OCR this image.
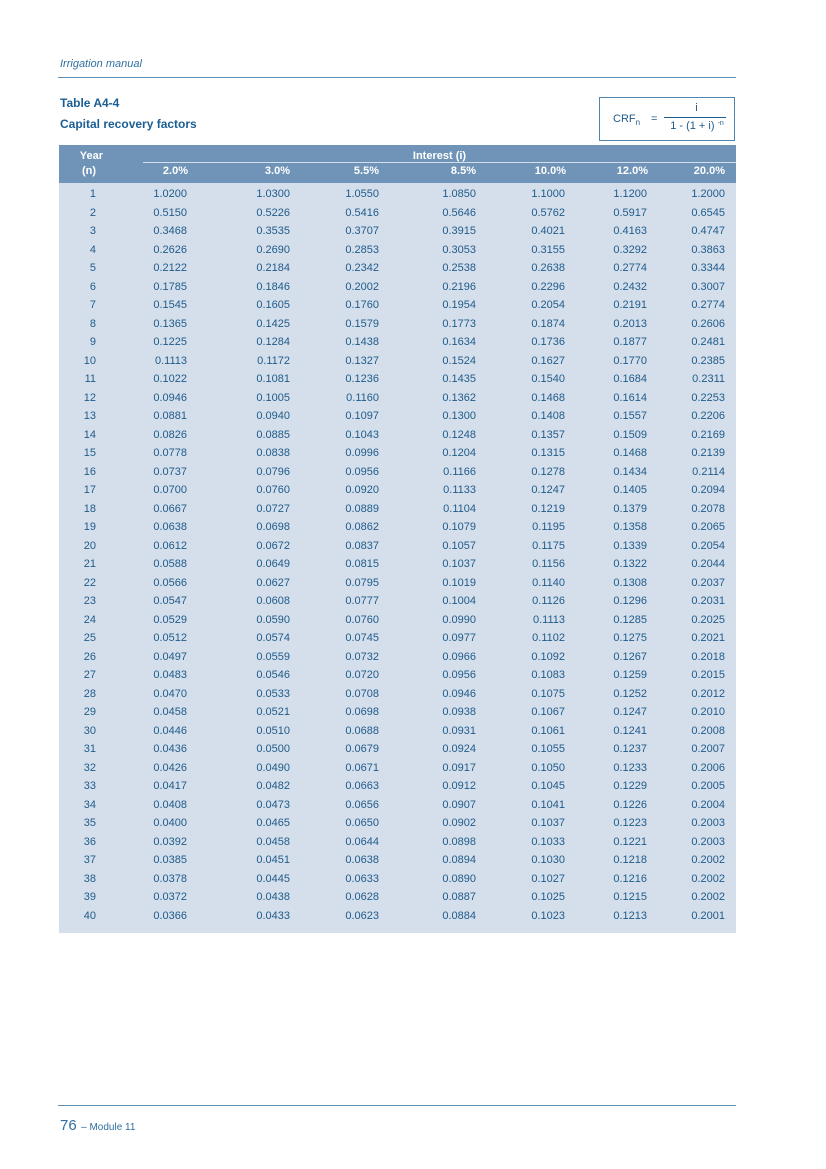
Irrigation manual
Table A4-4
Capital recovery factors	$CRF_n$ =
i
1 - (1 + i) $^{-n}$
Year
(n)
Interest (i)
2.0%	3.0%	5.5%	8.5%	10.0%	12.0%	20.0%
1	1.0200	1.0300	1.0550	1.0850	1.1000	1.1200	1.2000
2	0.5150	0.5226	0.5416	0.5646	0.5762	0.5917	0.6545
3	0.3468	0.3535	0.3707	0.3915	0.4021	0.4163	0.4747
4	0.2626	0.2690	0.2853	0.3053	0.3155	0.3292	0.3863
5	0.2122	0.2184	0.2342	0.2538	0.2638	0.2774	0.3344
6	0.1785	0.1846	0.2002	0.2196	0.2296	0.2432	0.3007
7	0.1545	0.1605	0.1760	0.1954	0.2054	0.2191	0.2774
8	0.1365	0.1425	0.1579	0.1773	0.1874	0.2013	0.2606
9	0.1225	0.1284	0.1438	0.1634	0.1736	0.1877	0.2481
10	0.1113	0.1172	0.1327	0.1524	0.1627	0.1770	0.2385
11	0.1022	0.1081	0.1236	0.1435	0.1540	0.1684	0.2311
12	0.0946	0.1005	0.1160	0.1362	0.1468	0.1614	0.2253
13	0.0881	0.0940	0.1097	0.1300	0.1408	0.1557	0.2206
14	0.0826	0.0885	0.1043	0.1248	0.1357	0.1509	0.2169
15	0.0778	0.0838	0.0996	0.1204	0.1315	0.1468	0.2139
16	0.0737	0.0796	0.0956	0.1166	0.1278	0.1434	0.2114
17	0.0700	0.0760	0.0920	0.1133	0.1247	0.1405	0.2094
18	0.0667	0.0727	0.0889	0.1104	0.1219	0.1379	0.2078
19	0.0638	0.0698	0.0862	0.1079	0.1195	0.1358	0.2065
20	0.0612	0.0672	0.0837	0.1057	0.1175	0.1339	0.2054
21	0.0588	0.0649	0.0815	0.1037	0.1156	0.1322	0.2044
22	0.0566	0.0627	0.0795	0.1019	0.1140	0.1308	0.2037
23	0.0547	0.0608	0.0777	0.1004	0.1126	0.1296	0.2031
24	0.0529	0.0590	0.0760	0.0990	0.1113	0.1285	0.2025
25	0.0512	0.0574	0.0745	0.0977	0.1102	0.1275	0.2021
26	0.0497	0.0559	0.0732	0.0966	0.1092	0.1267	0.2018
27	0.0483	0.0546	0.0720	0.0956	0.1083	0.1259	0.2015
28	0.0470	0.0533	0.0708	0.0946	0.1075	0.1252	0.2012
29	0.0458	0.0521	0.0698	0.0938	0.1067	0.1247	0.2010
30	0.0446	0.0510	0.0688	0.0931	0.1061	0.1241	0.2008
31	0.0436	0.0500	0.0679	0.0924	0.1055	0.1237	0.2007
32	0.0426	0.0490	0.0671	0.0917	0.1050	0.1233	0.2006
33	0.0417	0.0482	0.0663	0.0912	0.1045	0.1229	0.2005
34	0.0408	0.0473	0.0656	0.0907	0.1041	0.1226	0.2004
35	0.0400	0.0465	0.0650	0.0902	0.1037	0.1223	0.2003
36	0.0392	0.0458	0.0644	0.0898	0.1033	0.1221	0.2003
37	0.0385	0.0451	0.0638	0.0894	0.1030	0.1218	0.2002
38	0.0378	0.0445	0.0633	0.0890	0.1027	0.1216	0.2002
39	0.0372	0.0438	0.0628	0.0887	0.1025	0.1215	0.2002
40	0.0366	0.0433	0.0623	0.0884	0.1023	0.1213	0.2001
76 – Module 11
